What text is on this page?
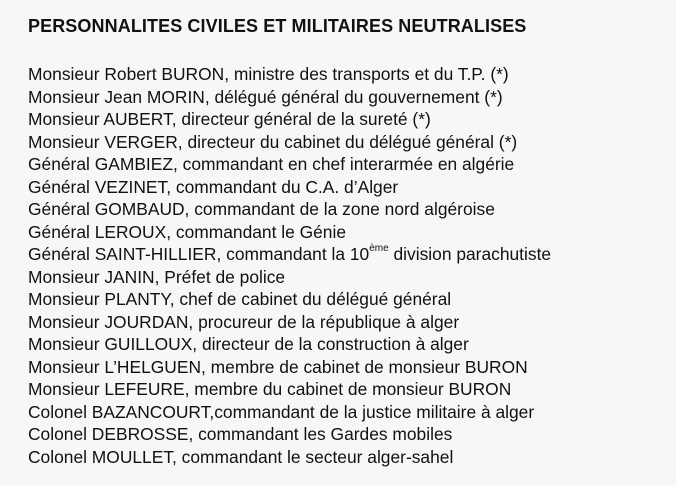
PERSONNALITES CIVILES ET MILITAIRES NEUTRALISES
Monsieur Robert BURON, ministre des transports et du T.P. (*)
Monsieur Jean MORIN, délégué général du gouvernement (*)
Monsieur AUBERT, directeur général de la sureté (*)
Monsieur VERGER, directeur du cabinet du délégué général (*)
Général GAMBIEZ, commandant en chef interarmée en algérie
Général VEZINET, commandant du C.A. d’Alger
Général GOMBAUD, commandant de la zone nord algéroise
Général LEROUX, commandant le Génie
Général SAINT-HILLIER, commandant la 10ème division parachutiste
Monsieur JANIN, Préfet de police
Monsieur PLANTY, chef de cabinet du délégué général
Monsieur JOURDAN, procureur de la république à alger
Monsieur GUILLOUX, directeur de la construction à alger
Monsieur L’HELGUEN, membre de cabinet de monsieur BURON
Monsieur LEFEURE, membre du cabinet de monsieur BURON
Colonel BAZANCOURT,commandant de la justice militaire à alger
Colonel DEBROSSE, commandant les Gardes mobiles
Colonel MOULLET, commandant le secteur alger-sahel
